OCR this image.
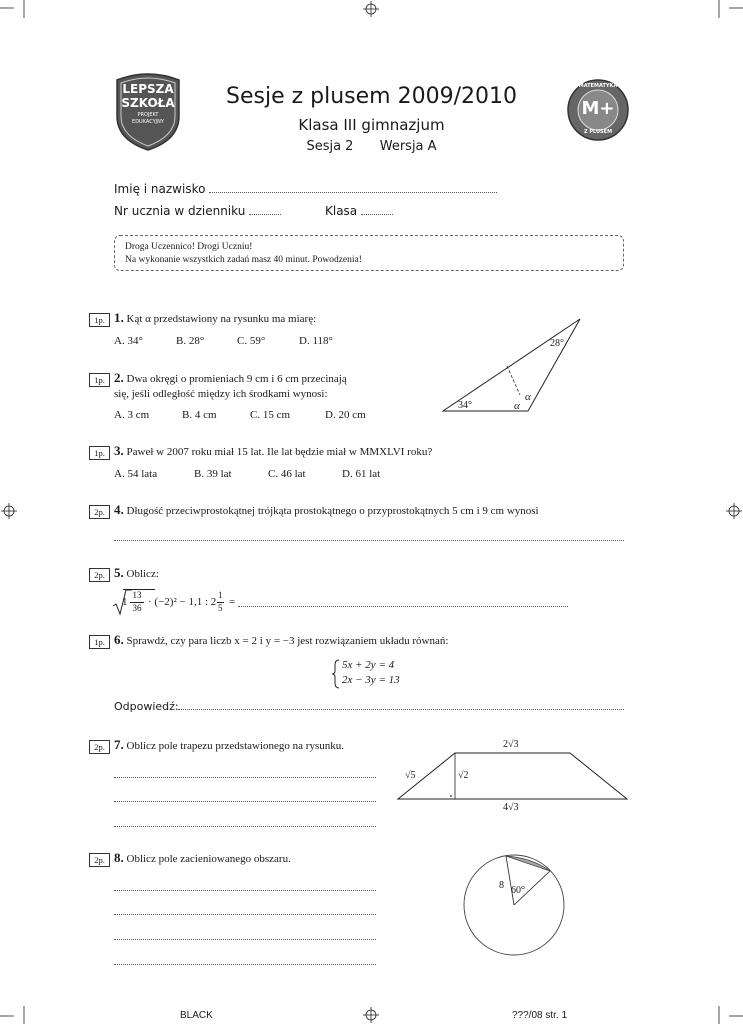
LEPSZA
SZKOŁA
PROJEKT
EDUKACYJNY
MATEMATYKA
M+
Z PLUSEM
Sesje z plusem 2009/2010
Klasa III gimnazjum
Sesja 2 Wersja A
Imię i nazwisko
Nr ucznia w dzienniku	Klasa
Droga Uczennico! Drogi Uczniu!
Na wykonanie wszystkich zadań masz 40 minut. Powodzenia!
1p. 1. Kąt α przedstawiony na rysunku ma miarę:
A. 34°	B. 28°	C. 59°	D. 118°	28°
34°
α
α
1p. 2. Dwa okręgi o promieniach 9 cm i 6 cm przecinają
się, jeśli odległość między ich środkami wynosi:
A. 3 cm	B. 4 cm	C. 15 cm	D. 20 cm
1p. 3. Paweł w 2007 roku miał 15 lat. Ile lat będzie miał w MMXLVI roku?
A. 54 lata	B. 39 lat	C. 46 lat	D. 61 lat
2p. 4. Długość przeciwprostokątnej trójkąta prostokątnego o przyprostokątnych 5 cm i 9 cm wynosi
2p. 5. Oblicz:
1
13
36 · (−2)² − 1,1 : 2
1
5 =
1p. 6. Sprawdź, czy para liczb x = 2 i y = −3 jest rozwiązaniem układu równań:
5x + 2y = 4
2x − 3y = 13
Odpowiedź:
2p. 7. Oblicz pole trapezu przedstawionego na rysunku.	2√3
√5	√2
4√3
2p. 8. Oblicz pole zacieniowanego obszaru.
8 60°
BLACK	???/08 str. 1
